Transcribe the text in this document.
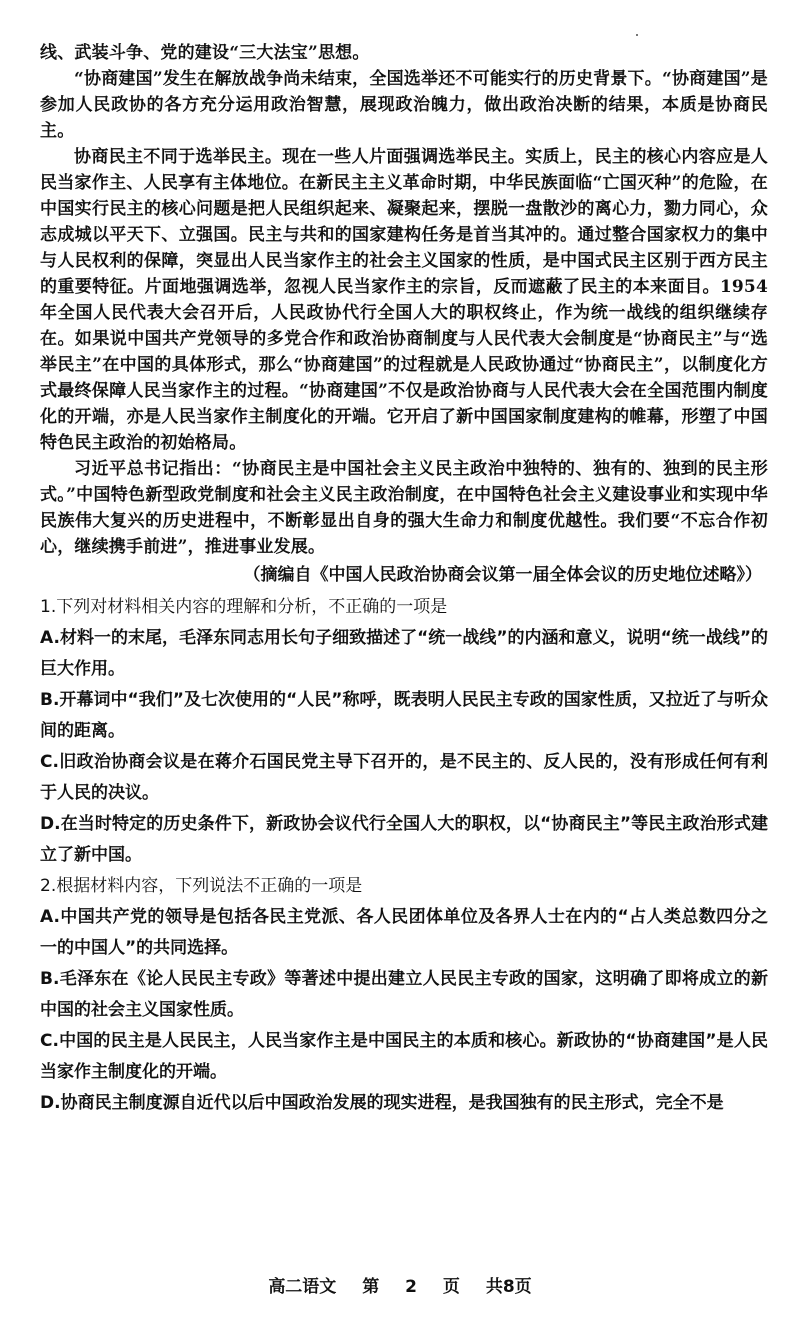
线、武装斗争、党的建设“三大法宝”思想。

“协商建国”发生在解放战争尚未结束，全国选举还不可能实行的历史背景下。“协商建国”是参加人民政协的各方充分运用政治智慧，展现政治魄力，做出政治决断的结果，本质是协商民主。

协商民主不同于选举民主。现在一些人片面强调选举民主。实质上，民主的核心内容应是人民当家作主、人民享有主体地位。在新民主主义革命时期，中华民族面临“亡国灭种”的危险，在中国实行民主的核心问题是把人民组织起来、凝聚起来，摆脱一盘散沙的离心力，勠力同心，众志成城以平天下、立强国。民主与共和的国家建构任务是首当其冲的。通过整合国家权力的集中与人民权利的保障，突显出人民当家作主的社会主义国家的性质，是中国式民主区别于西方民主的重要特征。片面地强调选举，忽视人民当家作主的宗旨，反而遮蔽了民主的本来面目。1954年全国人民代表大会召开后，人民政协代行全国人大的职权终止，作为统一战线的组织继续存在。如果说中国共产党领导的多党合作和政治协商制度与人民代表大会制度是“协商民主”与“选举民主”在中国的具体形式，那么“协商建国”的过程就是人民政协通过“协商民主”，以制度化方式最终保障人民当家作主的过程。“协商建国”不仅是政治协商与人民代表大会在全国范围内制度化的开端，亦是人民当家作主制度化的开端。它开启了新中国国家制度建构的帷幕，形塑了中国特色民主政治的初始格局。

习近平总书记指出：“协商民主是中国社会主义民主政治中独特的、独有的、独到的民主形式。”中国特色新型政党制度和社会主义民主政治制度，在中国特色社会主义建设事业和实现中华民族伟大复兴的历史进程中，不断彰显出自身的强大生命力和制度优越性。我们要“不忘合作初心，继续携手前进”，推进事业发展。

（摘编自《中国人民政治协商会议第一届全体会议的历史地位述略》）

1.下列对材料相关内容的理解和分析，不正确的一项是

A.材料一的末尾，毛泽东同志用长句子细致描述了“统一战线”的内涵和意义，说明“统一战线”的巨大作用。

B.开幕词中“我们”及七次使用的“人民”称呼，既表明人民民主专政的国家性质，又拉近了与听众间的距离。

C.旧政治协商会议是在蒋介石国民党主导下召开的，是不民主的、反人民的，没有形成任何有利于人民的决议。

D.在当时特定的历史条件下，新政协会议代行全国人大的职权，以“协商民主”等民主政治形式建立了新中国。

2.根据材料内容，下列说法不正确的一项是

A.中国共产党的领导是包括各民主党派、各人民团体单位及各界人士在内的“占人类总数四分之一的中国人”的共同选择。

B.毛泽东在《论人民民主专政》等著述中提出建立人民民主专政的国家，这明确了即将成立的新中国的社会主义国家性质。

C.中国的民主是人民民主，人民当家作主是中国民主的本质和核心。新政协的“协商建国”是人民当家作主制度化的开端。

D.协商民主制度源自近代以后中国政治发展的现实进程，是我国独有的民主形式，完全不是

高二语文 第 2 页 共8页
